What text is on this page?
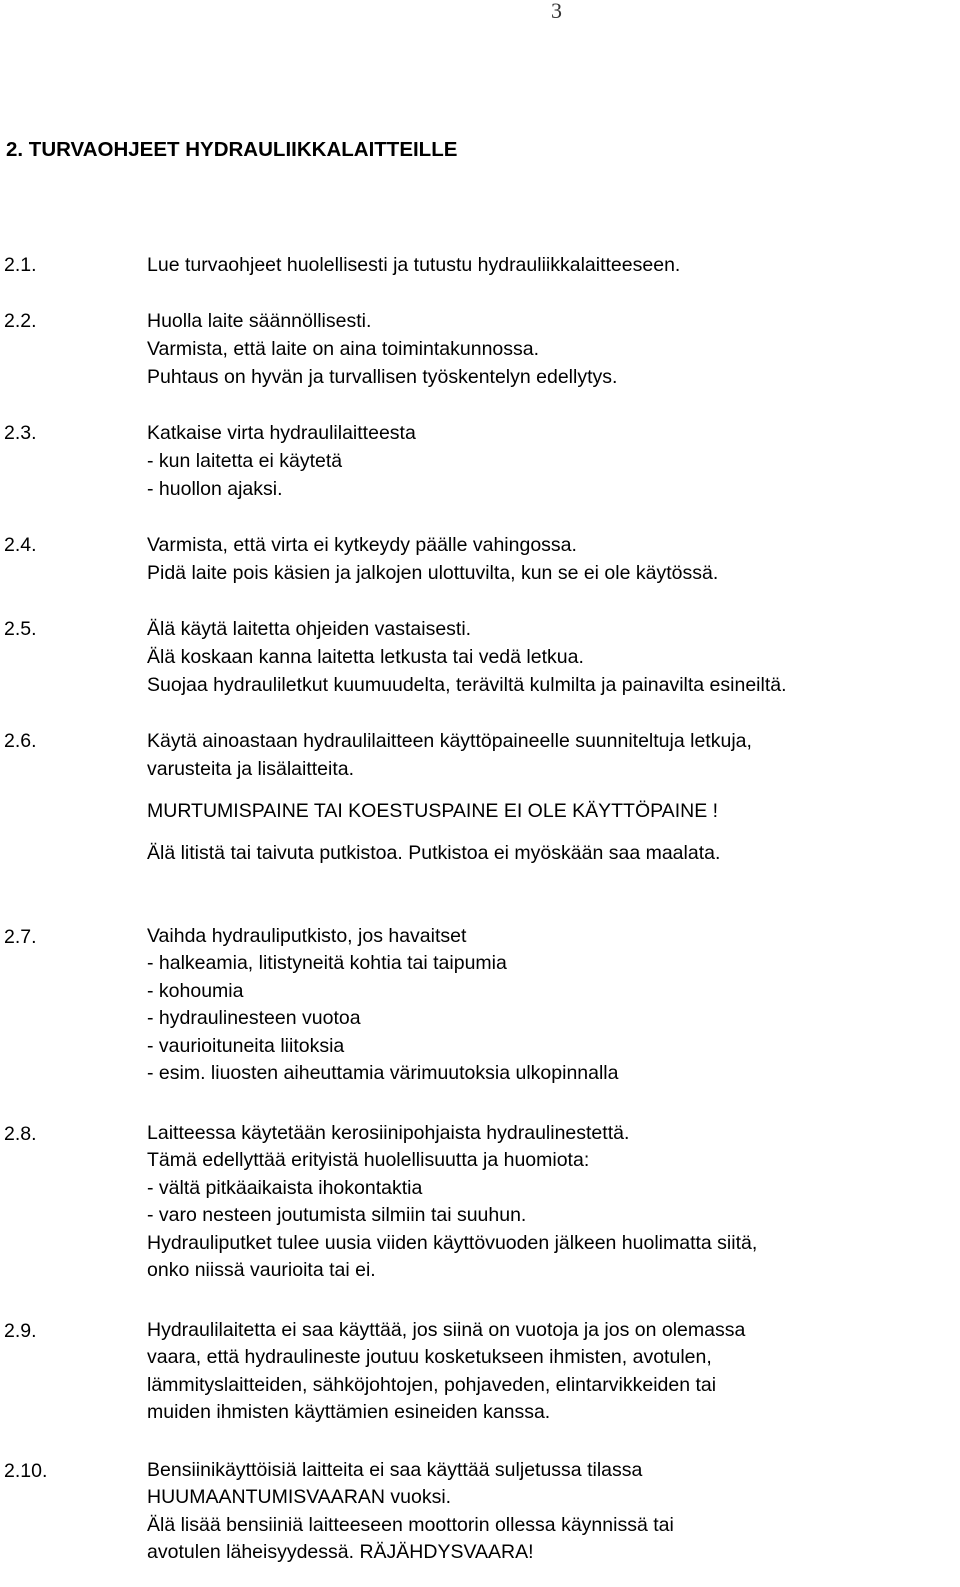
3
2. TURVAOHJEET HYDRAULIIKKALAITTEILLE
2.1.	Lue turvaohjeet huolellisesti ja tutustu hydrauliikkalaitteeseen.
2.2.	Huolla laite säännöllisesti.
Varmista, että laite on aina toimintakunnossa.
Puhtaus on hyvän ja turvallisen työskentelyn edellytys.
2.3.	Katkaise virta hydraulilaitteesta
- kun laitetta ei käytetä
- huollon ajaksi.
2.4.	Varmista, että virta ei kytkeydy päälle vahingossa.
Pidä laite pois käsien ja jalkojen ulottuvilta, kun se ei ole käytössä.
2.5.	Älä käytä laitetta ohjeiden vastaisesti.
Älä koskaan kanna laitetta letkusta tai vedä letkua.
Suojaa hydrauliletkut kuumuudelta, teräviltä kulmilta ja painavilta esineiltä.
2.6.	Käytä ainoastaan hydraulilaitteen käyttöpaineelle suunniteltuja letkuja,
varusteita ja lisälaitteita.
MURTUMISPAINE TAI KOESTUSPAINE EI OLE KÄYTTÖPAINE !
Älä litistä tai taivuta putkistoa. Putkistoa ei myöskään saa maalata.
2.7.	Vaihda hydrauliputkisto, jos havaitset
- halkeamia, litistyneitä kohtia tai taipumia
- kohoumia
- hydraulinesteen vuotoa
- vaurioituneita liitoksia
- esim. liuosten aiheuttamia värimuutoksia ulkopinnalla
2.8.	Laitteessa käytetään kerosiinipohjaista hydraulinestettä.
Tämä edellyttää erityistä huolellisuutta ja huomiota:
- vältä pitkäaikaista ihokontaktia
- varo nesteen joutumista silmiin tai suuhun.
Hydrauliputket tulee uusia viiden käyttövuoden jälkeen huolimatta siitä,
onko niissä vaurioita tai ei.
2.9.	Hydraulilaitetta ei saa käyttää, jos siinä on vuotoja ja jos on olemassa
vaara, että hydraulineste joutuu kosketukseen ihmisten, avotulen,
lämmityslaitteiden, sähköjohtojen, pohjaveden, elintarvikkeiden tai
muiden ihmisten käyttämien esineiden kanssa.
2.10.	Bensiinikäyttöisiä laitteita ei saa käyttää suljetussa tilassa
HUUMAANTUMISVAARAN vuoksi.
Älä lisää bensiiniä laitteeseen moottorin ollessa käynnissä tai
avotulen läheisyydessä. RÄJÄHDYSVAARA!
